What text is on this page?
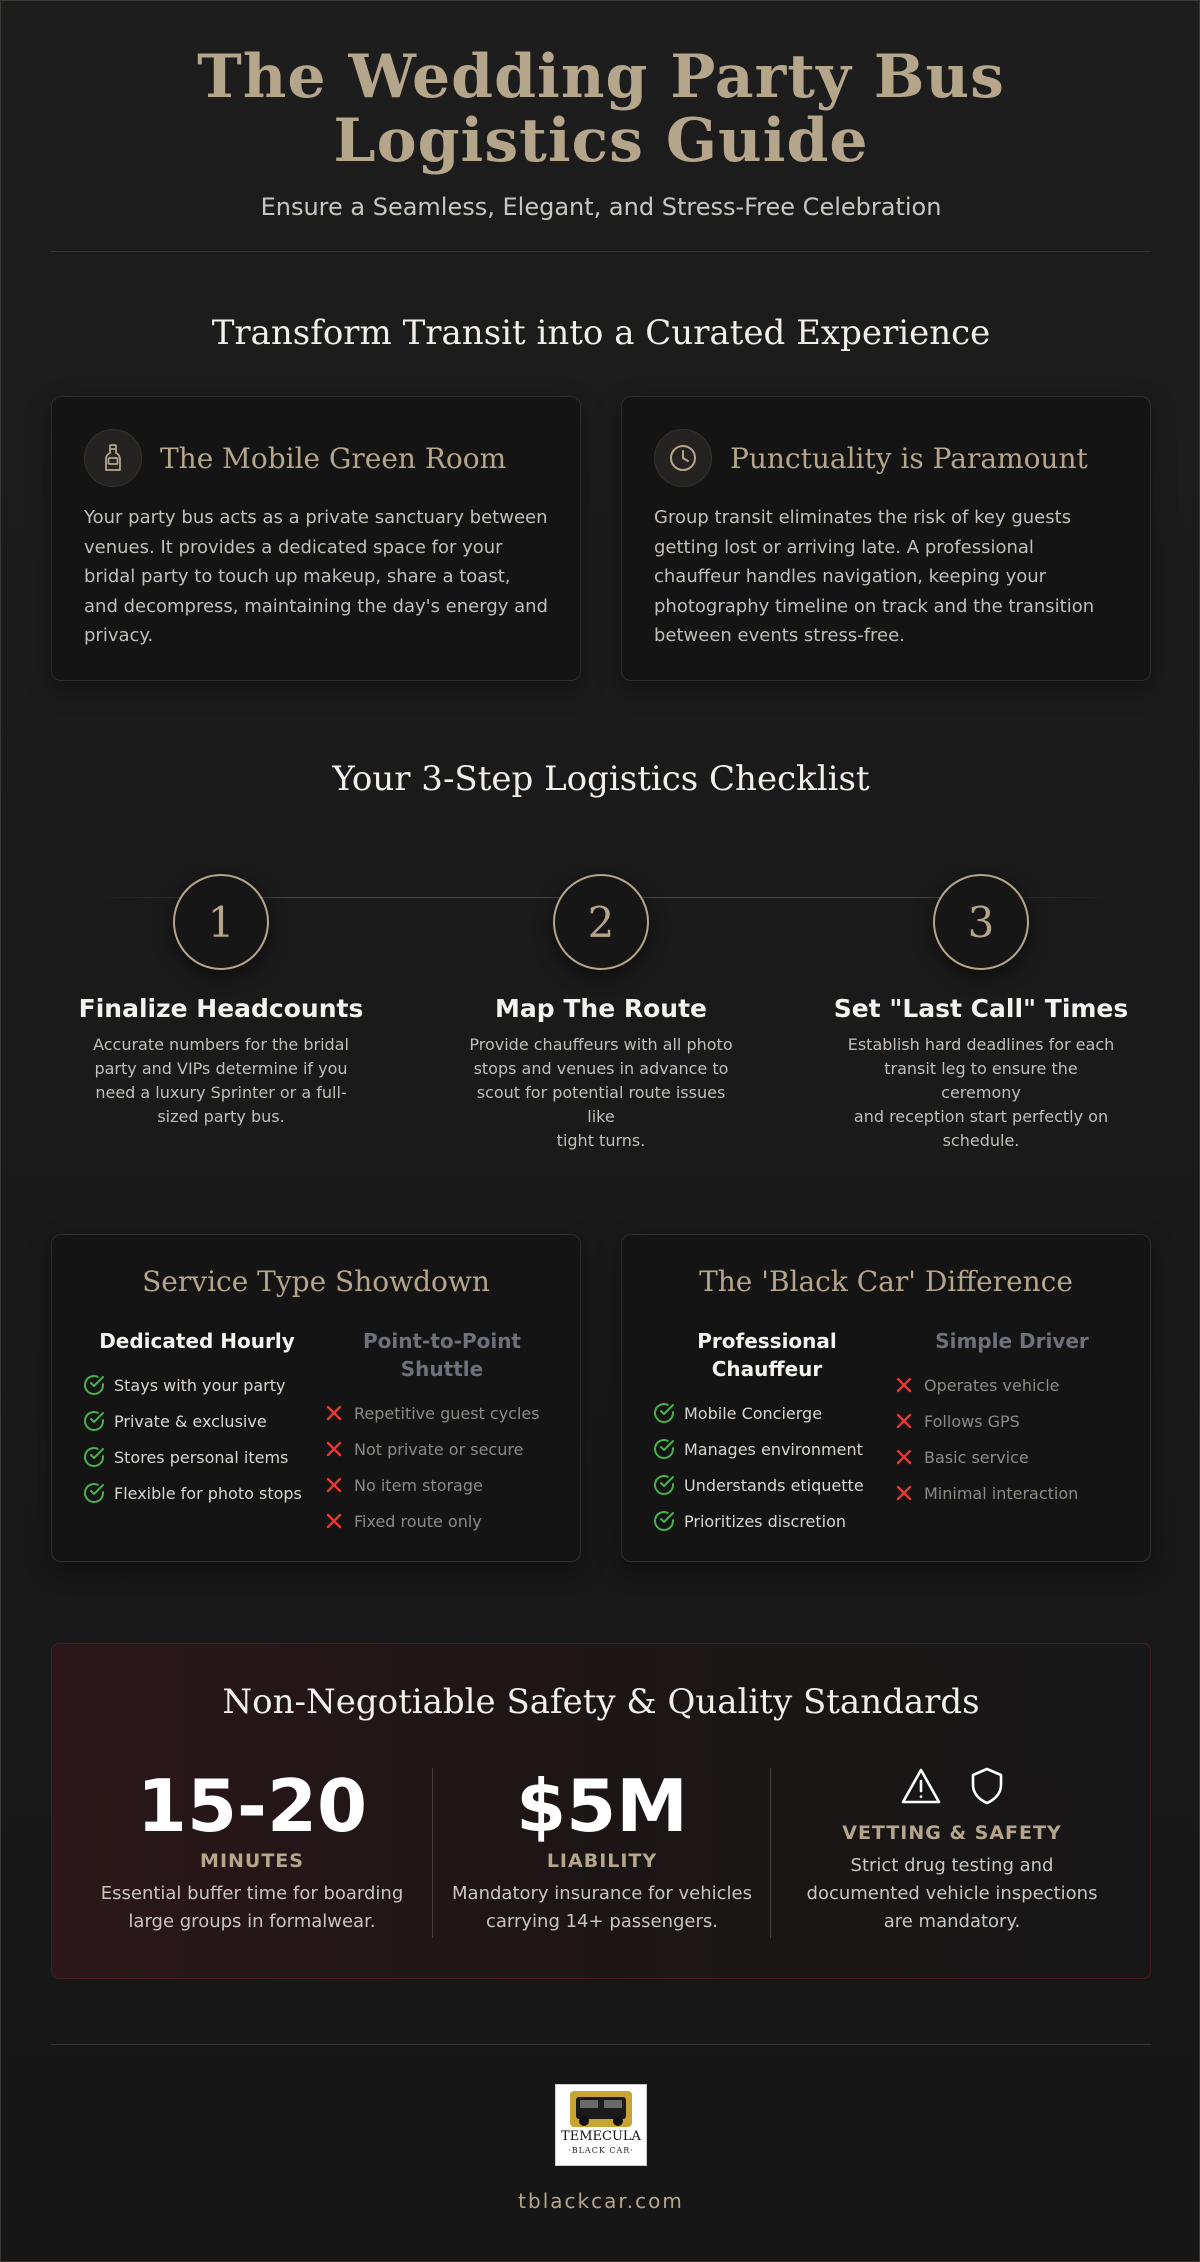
The Wedding Party Bus
Logistics Guide
Ensure a Seamless, Elegant, and Stress-Free Celebration
Transform Transit into a Curated Experience
The Mobile Green Room
Your party bus acts as a private sanctuary between
venues. It provides a dedicated space for your
bridal party to touch up makeup, share a toast,
and decompress, maintaining the day's energy and
privacy.
Punctuality is Paramount
Group transit eliminates the risk of key guests
getting lost or arriving late. A professional
chauffeur handles navigation, keeping your
photography timeline on track and the transition
between events stress-free.
Your 3-Step Logistics Checklist
1
Finalize Headcounts
Accurate numbers for the bridal
party and VIPs determine if you
need a luxury Sprinter or a full-
sized party bus.
2
Map The Route
Provide chauffeurs with all photo
stops and venues in advance to
scout for potential route issues like
tight turns.
3
Set "Last Call" Times
Establish hard deadlines for each
transit leg to ensure the ceremony
and reception start perfectly on
schedule.
Service Type Showdown
Dedicated Hourly
Stays with your party
Private & exclusive
Stores personal items
Flexible for photo stops
Point-to-Point
Shuttle
Repetitive guest cycles
Not private or secure
No item storage
Fixed route only
The 'Black Car' Difference
Professional
Chauffeur
Mobile Concierge
Manages environment
Understands etiquette
Prioritizes discretion
Simple Driver
Operates vehicle
Follows GPS
Basic service
Minimal interaction
Non-Negotiable Safety & Quality Standards
15-20
MINUTES
Essential buffer time for boarding
large groups in formalwear.
$5M
LIABILITY
Mandatory insurance for vehicles
carrying 14+ passengers.
VETTING & SAFETY
Strict drug testing and
documented vehicle inspections
are mandatory.
TEMECULA
·BLACK CAR·
tblackcar.com
